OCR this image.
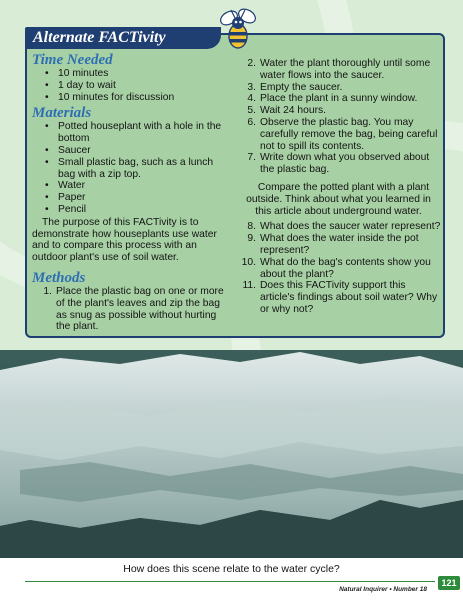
Alternate FACTivity
Time Needed
• 10 minutes
• 1 day to wait
• 10 minutes for discussion
Materials
• Potted houseplant with a hole in the bottom
• Saucer
• Small plastic bag, such as a lunch bag with a zip top.
• Water
• Paper
• Pencil

The purpose of this FACTivity is to demonstrate how houseplants use water and to compare this process with an outdoor plant's use of soil water.

Methods
1. Place the plastic bag on one or more of the plant's leaves and zip the bag as snug as possible without hurting the plant.
2. Water the plant thoroughly until some water flows into the saucer.
3. Empty the saucer.
4. Place the plant in a sunny window.
5. Wait 24 hours.
6. Observe the plastic bag. You may carefully remove the bag, being careful not to spill its contents.
7. Write down what you observed about the plastic bag.

Compare the potted plant with a plant outside. Think about what you learned in this article about underground water.

8. What does the saucer water represent?
9. What does the water inside the pot represent?
10. What do the bag's contents show you about the plant?
11. Does this FACTivity support this article's findings about soil water? Why or why not?
How does this scene relate to the water cycle?
Natural Inquirer • Number 18
121
